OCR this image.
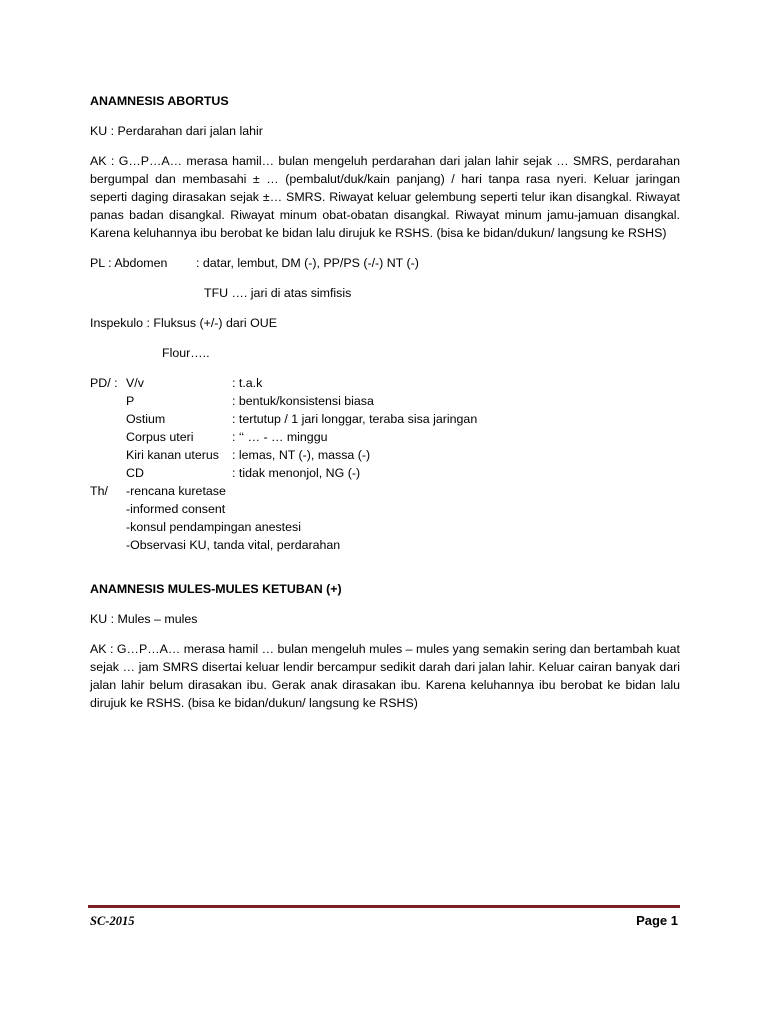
ANAMNESIS ABORTUS

KU : Perdarahan dari jalan lahir

AK : G…P…A… merasa hamil… bulan mengeluh perdarahan dari jalan lahir sejak … SMRS, perdarahan bergumpal dan membasahi ± … (pembalut/duk/kain panjang) / hari tanpa rasa nyeri. Keluar jaringan seperti daging dirasakan sejak ±… SMRS. Riwayat keluar gelembung seperti telur ikan disangkal. Riwayat panas badan disangkal. Riwayat minum obat-obatan disangkal. Riwayat minum jamu-jamuan disangkal. Karena keluhannya ibu berobat ke bidan lalu dirujuk ke RSHS. (bisa ke bidan/dukun/ langsung ke RSHS)

PL : Abdomen : datar, lembut, DM (-), PP/PS (-/-) NT (-)
TFU …. jari di atas simfisis
Inspekulo : Fluksus (+/-) dari OUE
Flour…..
PD/ : V/v	: t.a.k
P	: bentuk/konsistensi biasa
Ostium	: tertutup / 1 jari longgar, teraba sisa jaringan
Corpus uteri	: ‘‘ … - … minggu
Kiri kanan uterus : lemas, NT (-), massa (-)
CD	: tidak menonjol, NG (-)
Th/ -rencana kuretase
-informed consent
-konsul pendampingan anestesi
-Observasi KU, tanda vital, perdarahan

ANAMNESIS MULES-MULES KETUBAN (+)

KU : Mules – mules

AK : G…P…A… merasa hamil … bulan mengeluh mules – mules yang semakin sering dan bertambah kuat sejak … jam SMRS disertai keluar lendir bercampur sedikit darah dari jalan lahir. Keluar cairan banyak dari jalan lahir belum dirasakan ibu. Gerak anak dirasakan ibu. Karena keluhannya ibu berobat ke bidan lalu dirujuk ke RSHS. (bisa ke bidan/dukun/ langsung ke RSHS)

SC-2015	Page 1
